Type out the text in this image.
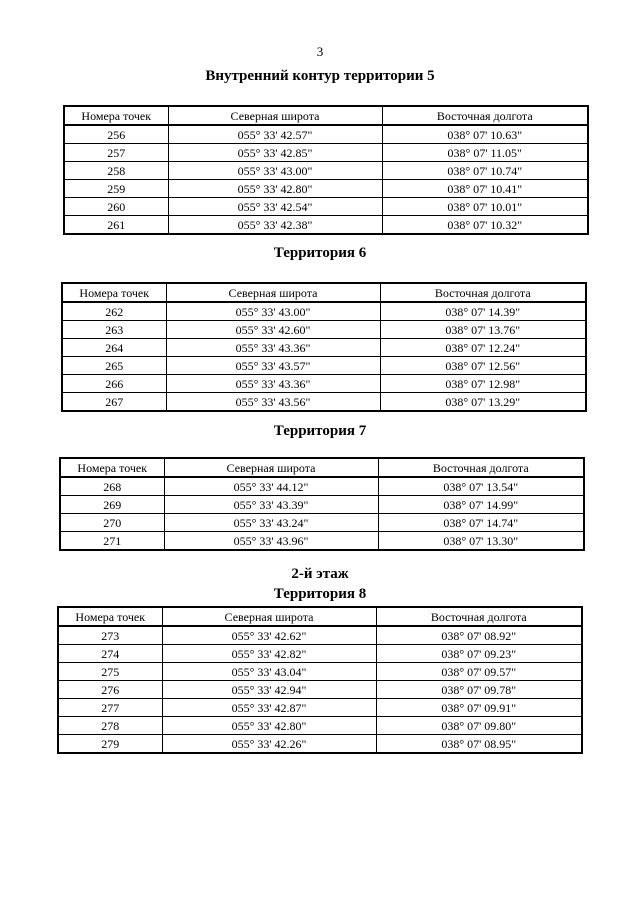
3
Внутренний контур территории 5
Номера точек	Северная широта	Восточная долгота
256	055° 33' 42.57"	038° 07' 10.63"
257	055° 33' 42.85"	038° 07' 11.05"
258	055° 33' 43.00"	038° 07' 10.74"
259	055° 33' 42.80"	038° 07' 10.41"
260	055° 33' 42.54"	038° 07' 10.01"
261	055° 33' 42.38"	038° 07' 10.32"
Территория 6
Номера точек	Северная широта	Восточная долгота
262	055° 33' 43.00"	038° 07' 14.39"
263	055° 33' 42.60"	038° 07' 13.76"
264	055° 33' 43.36"	038° 07' 12.24"
265	055° 33' 43.57"	038° 07' 12.56"
266	055° 33' 43.36"	038° 07' 12.98"
267	055° 33' 43.56"	038° 07' 13.29"
Территория 7
Номера точек	Северная широта	Восточная долгота
268	055° 33' 44.12"	038° 07' 13.54"
269	055° 33' 43.39"	038° 07' 14.99"
270	055° 33' 43.24"	038° 07' 14.74"
271	055° 33' 43.96"	038° 07' 13.30"
2-й этаж
Территория 8
Номера точек	Северная широта	Восточная долгота
273	055° 33' 42.62"	038° 07' 08.92"
274	055° 33' 42.82"	038° 07' 09.23"
275	055° 33' 43.04"	038° 07' 09.57"
276	055° 33' 42.94"	038° 07' 09.78"
277	055° 33' 42.87"	038° 07' 09.91"
278	055° 33' 42.80"	038° 07' 09.80"
279	055° 33' 42.26"	038° 07' 08.95"
